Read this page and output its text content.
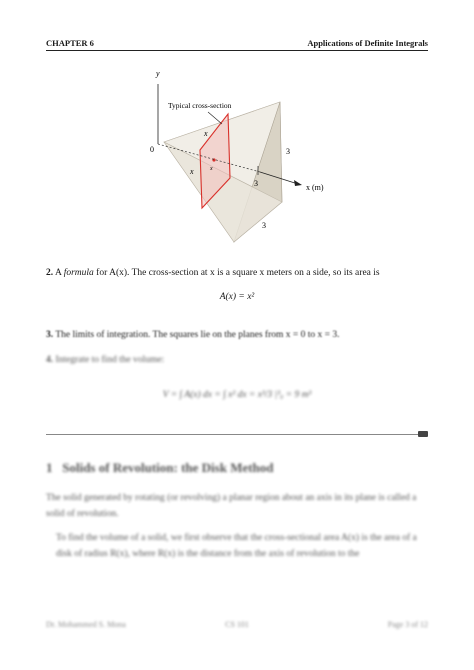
CHAPTER 6	Applications of Definite Integrals
y
0
x (m)
Typical cross-section
x
x	x
3
3
3
2. A formula for A(x). The cross-section at x is a square x meters on a side, so its area is
A(x) = x²
3. The limits of integration. The squares lie on the planes from x = 0 to x = 3.
4. Integrate to find the volume:
V = ∫ A(x) dx = ∫ x² dx = x³/3 |³₀ = 9 m³
1 Solids of Revolution: the Disk Method
The solid generated by rotating (or revolving) a planar region about an axis in its plane is called a solid of revolution.
To find the volume of a solid, we first observe that the cross-sectional area A(x) is the area of a disk of radius R(x), where R(x) is the distance from the axis of revolution to the
Dr. Mohammed S. Mona	CS 101	Page 3 of 12
